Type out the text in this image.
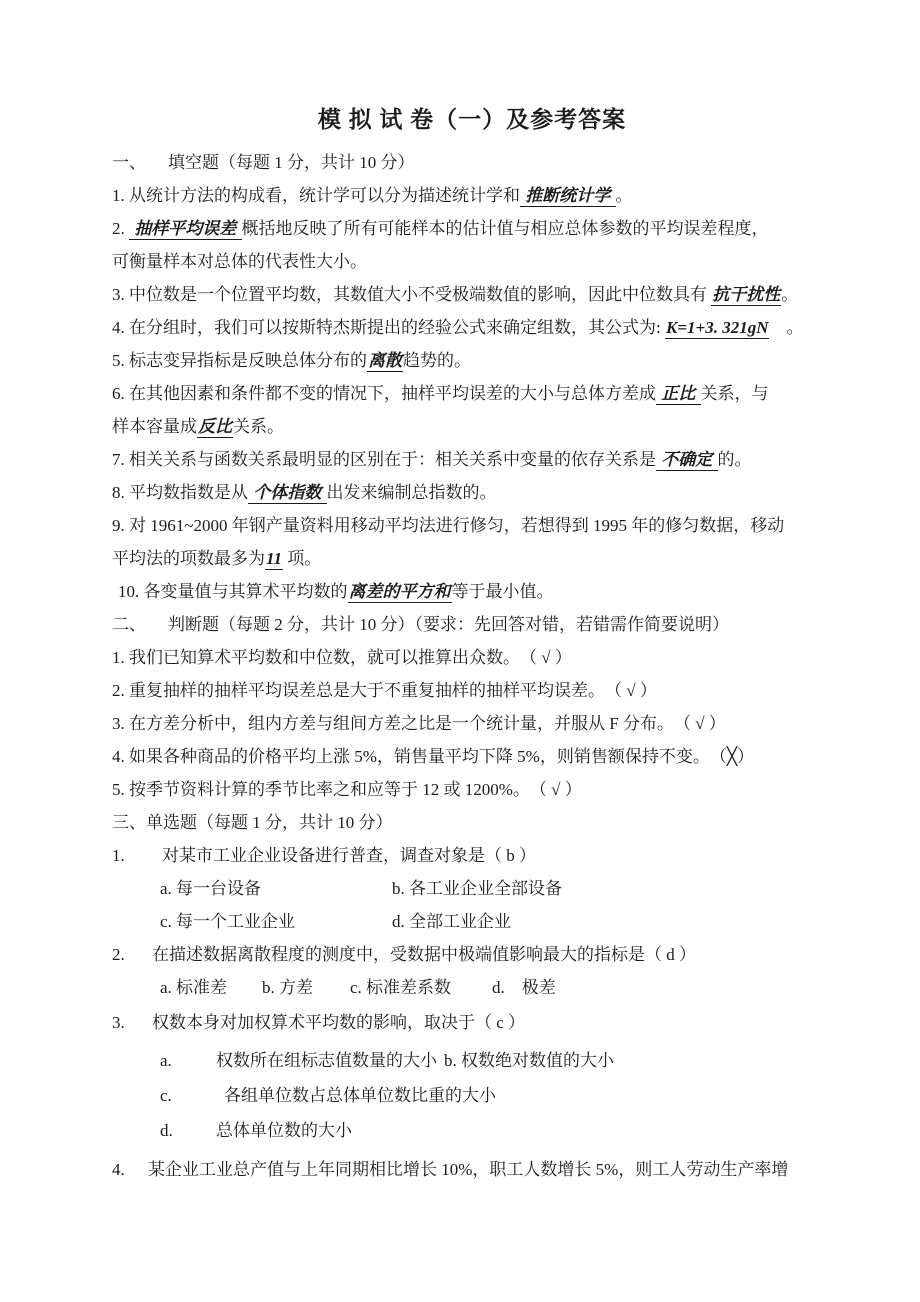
模 拟 试 卷（一）及参考答案
一、 填空题（每题 1 分，共计 10 分）
1. 从统计方法的构成看，统计学可以分为描述统计学和 推断统计学 。
2.  抽样平均误差 概括地反映了所有可能样本的估计值与相应总体参数的平均误差程度，
可衡量样本对总体的代表性大小。
3. 中位数是一个位置平均数，其数值大小不受极端数值的影响，因此中位数具有 抗干扰性。
4. 在分组时，我们可以按斯特杰斯提出的经验公式来确定组数，其公式为: K=1+3. 321gN　。
5. 标志变异指标是反映总体分布的离散趋势的。
6. 在其他因素和条件都不变的情况下，抽样平均误差的大小与总体方差成 正比 关系，与
样本容量成反比关系。
7. 相关关系与函数关系最明显的区别在于：相关关系中变量的依存关系是 不确定 的。
8. 平均数指数是从 个体指数 出发来编制总指数的。
9. 对 1961~2000 年钢产量资料用移动平均法进行修匀，若想得到 1995 年的修匀数据，移动
平均法的项数最多为11 项。
10. 各变量值与其算术平均数的离差的平方和等于最小值。
二、 判断题（每题 2 分，共计 10 分）（要求：先回答对错，若错需作简要说明）
1. 我们已知算术平均数和中位数，就可以推算出众数。　（ √ ）
2. 重复抽样的抽样平均误差总是大于不重复抽样的抽样平均误差。　（ √ ）
3. 在方差分析中，组内方差与组间方差之比是一个统计量，并服从 F 分布。　（ √ ）
4. 如果各种商品的价格平均上涨 5%，销售量平均下降 5%，则销售额保持不变。　（╳）
5. 按季节资料计算的季节比率之和应等于 12 或 1200%。　（ √ ）
三、单选题（每题 1 分，共计 10 分）
1. 对某市工业企业设备进行普查，调查对象是（ b ）
a. 每一台设备	b. 各工业企业全部设备
c. 每一个工业企业	d. 全部工业企业
2. 在描述数据离散程度的测度中，受数据中极端值影响最大的指标是（ d ）
a. 标准差 b. 方差 c. 标准差系数 d.　极差
3. 权数本身对加权算术平均数的影响，取决于（ c ）
a.	权数所在组标志值数量的大小 b. 权数绝对数值的大小
c.	各组单位数占总体单位数比重的大小
d.	总体单位数的大小
4. 某企业工业总产值与上年同期相比增长 10%，职工人数增长 5%，则工人劳动生产率增
